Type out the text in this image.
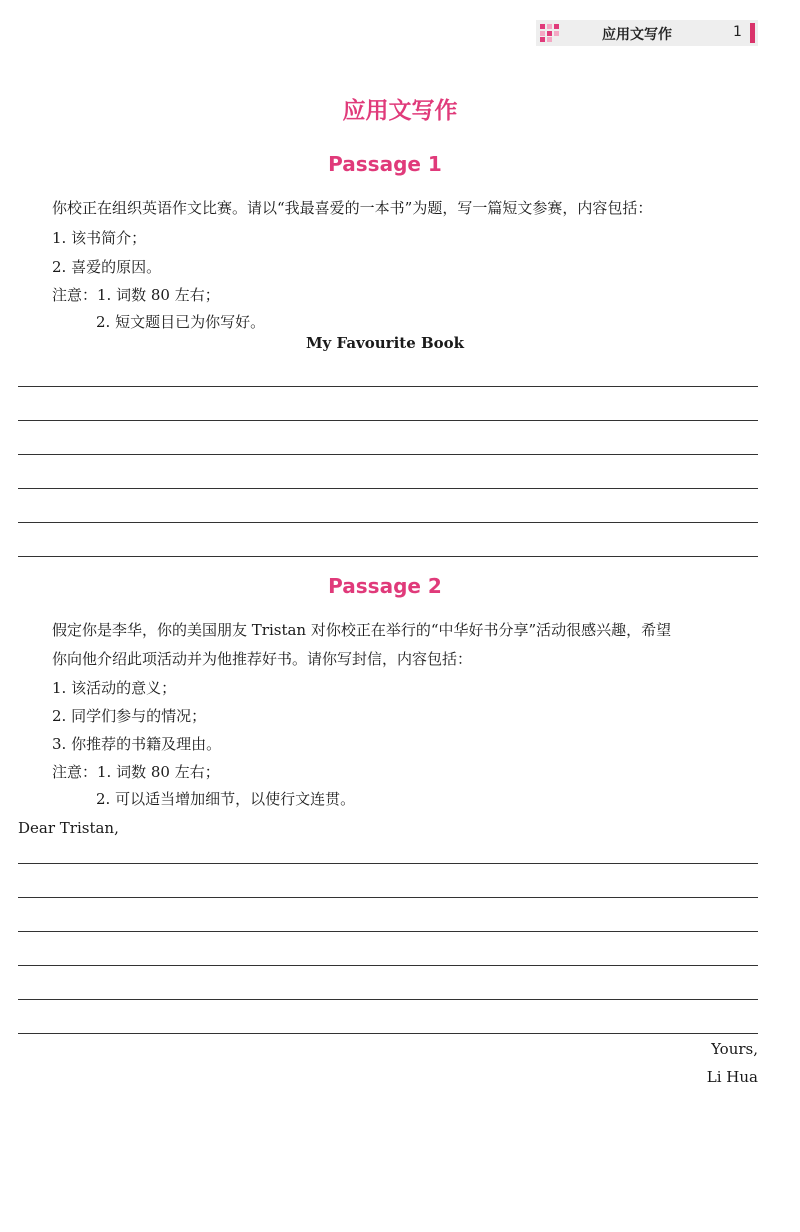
应用文写作	1
应用文写作
Passage 1
你校正在组织英语作文比赛。请以“我最喜爱的一本书”为题，写一篇短文参赛，内容包括：
1. 该书简介；
2. 喜爱的原因。
注意：1. 词数 80 左右；
2. 短文题目已为你写好。
My Favourite Book
Passage 2
假定你是李华，你的美国朋友 Tristan 对你校正在举行的“中华好书分享”活动很感兴趣，希望
你向他介绍此项活动并为他推荐好书。请你写封信，内容包括：
1. 该活动的意义；
2. 同学们参与的情况；
3. 你推荐的书籍及理由。
注意：1. 词数 80 左右；
2. 可以适当增加细节，以使行文连贯。
Dear Tristan,
Yours,
Li Hua
